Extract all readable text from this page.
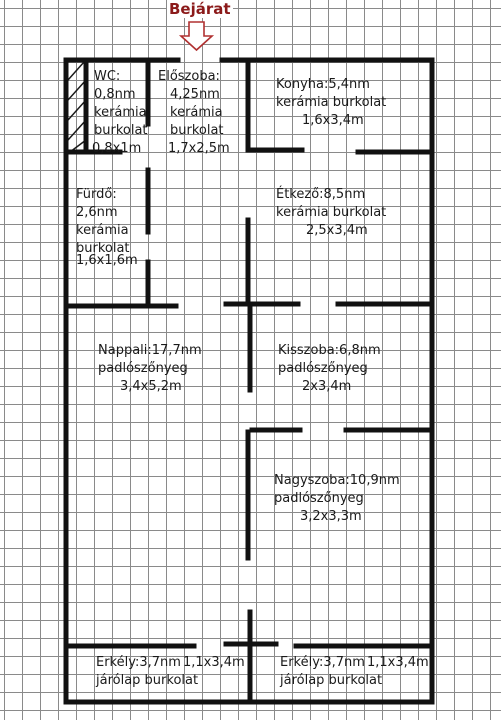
Bejárat
WC:
0,8nm
kerámia
burkolat
0,8x1m
Előszoba:
4,25nm
kerámia
burkolat
1,7x2,5m
Konyha:5,4nm
kerámia burkolat
1,6x3,4m
Fürdő:
2,6nm
kerámia
burkolat
1,6x1,6m
Étkező:8,5nm
kerámia burkolat
2,5x3,4m
Nappali:17,7nm
padlószőnyeg
3,4x5,2m
Kisszoba:6,8nm
padlószőnyeg
2x3,4m
Nagyszoba:10,9nm
padlószőnyeg
3,2x3,3m
Erkély:3,7nm 1,1x3,4m
járólap burkolat
Erkély:3,7nm 1,1x3,4m
járólap burkolat
